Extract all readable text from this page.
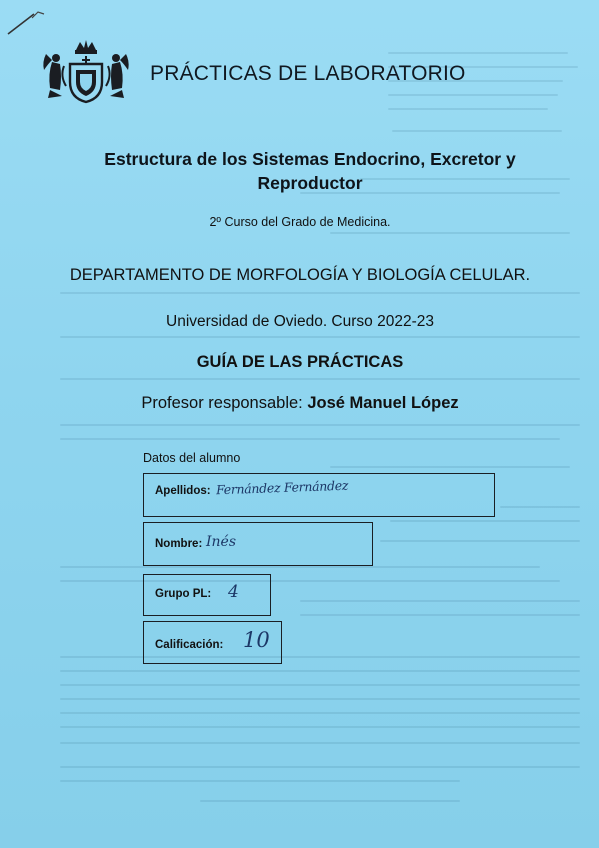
PRÁCTICAS DE LABORATORIO
Estructura de los Sistemas Endocrino, Excretor y
Reproductor
2º Curso del Grado de Medicina.
DEPARTAMENTO DE MORFOLOGÍA Y BIOLOGÍA CELULAR.
Universidad de Oviedo. Curso 2022-23
GUÍA DE LAS PRÁCTICAS
Profesor responsable: José Manuel López
Datos del alumno
Apellidos: Fernández Fernández
Nombre: Inés
Grupo PL: 4
Calificación: 10
